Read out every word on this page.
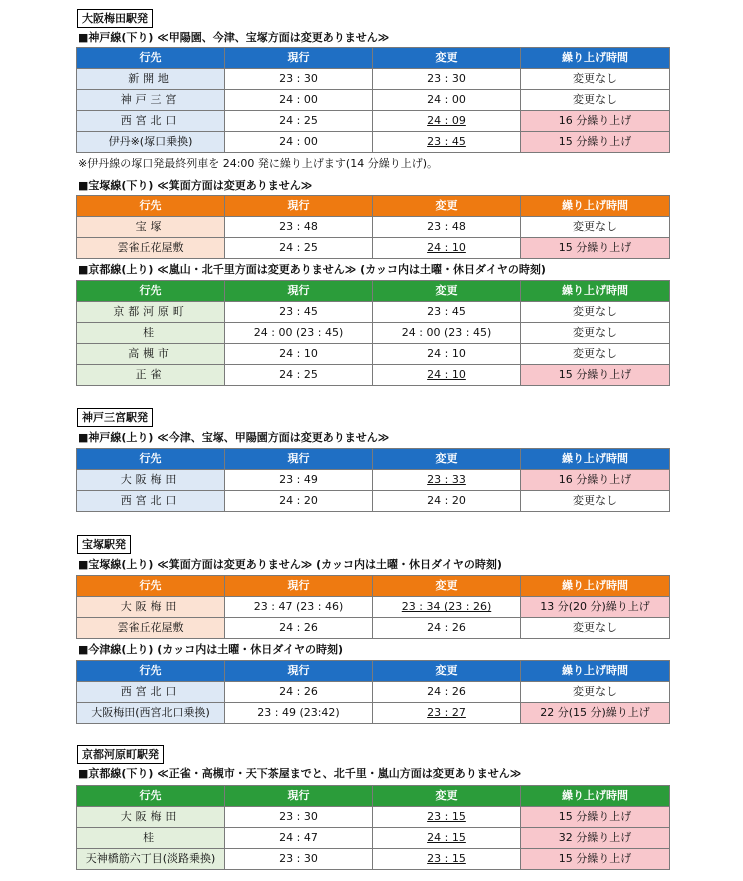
大阪梅田駅発
■神戸線(下り) ≪甲陽園、今津、宝塚方面は変更ありません≫
行先	現行	変更	繰り上げ時間
新開地	23 : 30	23 : 30	変更なし
神戸三宮	24 : 00	24 : 00	変更なし
西宮北口	24 : 25	24 : 09	16 分繰り上げ
伊丹※(塚口乗換)	24 : 00	23 : 45	15 分繰り上げ
※伊丹線の塚口発最終列車を 24:00 発に繰り上げます(14 分繰り上げ)。
■宝塚線(下り) ≪箕面方面は変更ありません≫
行先	現行	変更	繰り上げ時間
宝塚	23 : 48	23 : 48	変更なし
雲雀丘花屋敷	24 : 25	24 : 10	15 分繰り上げ
■京都線(上り) ≪嵐山・北千里方面は変更ありません≫ (カッコ内は土曜・休日ダイヤの時刻)
行先	現行	変更	繰り上げ時間
京都河原町	23 : 45	23 : 45	変更なし
桂	24 : 00 (23 : 45)	24 : 00 (23 : 45)	変更なし
高槻市	24 : 10	24 : 10	変更なし
正雀	24 : 25	24 : 10	15 分繰り上げ
神戸三宮駅発
■神戸線(上り) ≪今津、宝塚、甲陽園方面は変更ありません≫
行先	現行	変更	繰り上げ時間
大阪梅田	23 : 49	23 : 33	16 分繰り上げ
西宮北口	24 : 20	24 : 20	変更なし
宝塚駅発
■宝塚線(上り) ≪箕面方面は変更ありません≫ (カッコ内は土曜・休日ダイヤの時刻)
行先	現行	変更	繰り上げ時間
大阪梅田	23 : 47 (23 : 46)	23 : 34 (23 : 26)	13 分(20 分)繰り上げ
雲雀丘花屋敷	24 : 26	24 : 26	変更なし
■今津線(上り) (カッコ内は土曜・休日ダイヤの時刻)
行先	現行	変更	繰り上げ時間
西宮北口	24 : 26	24 : 26	変更なし
大阪梅田(西宮北口乗換)	23 : 49 (23:42)	23 : 27	22 分(15 分)繰り上げ
京都河原町駅発
■京都線(下り) ≪正雀・高槻市・天下茶屋までと、北千里・嵐山方面は変更ありません≫
行先	現行	変更	繰り上げ時間
大阪梅田	23 : 30	23 : 15	15 分繰り上げ
桂	24 : 47	24 : 15	32 分繰り上げ
天神橋筋六丁目(淡路乗換)	23 : 30	23 : 15	15 分繰り上げ
